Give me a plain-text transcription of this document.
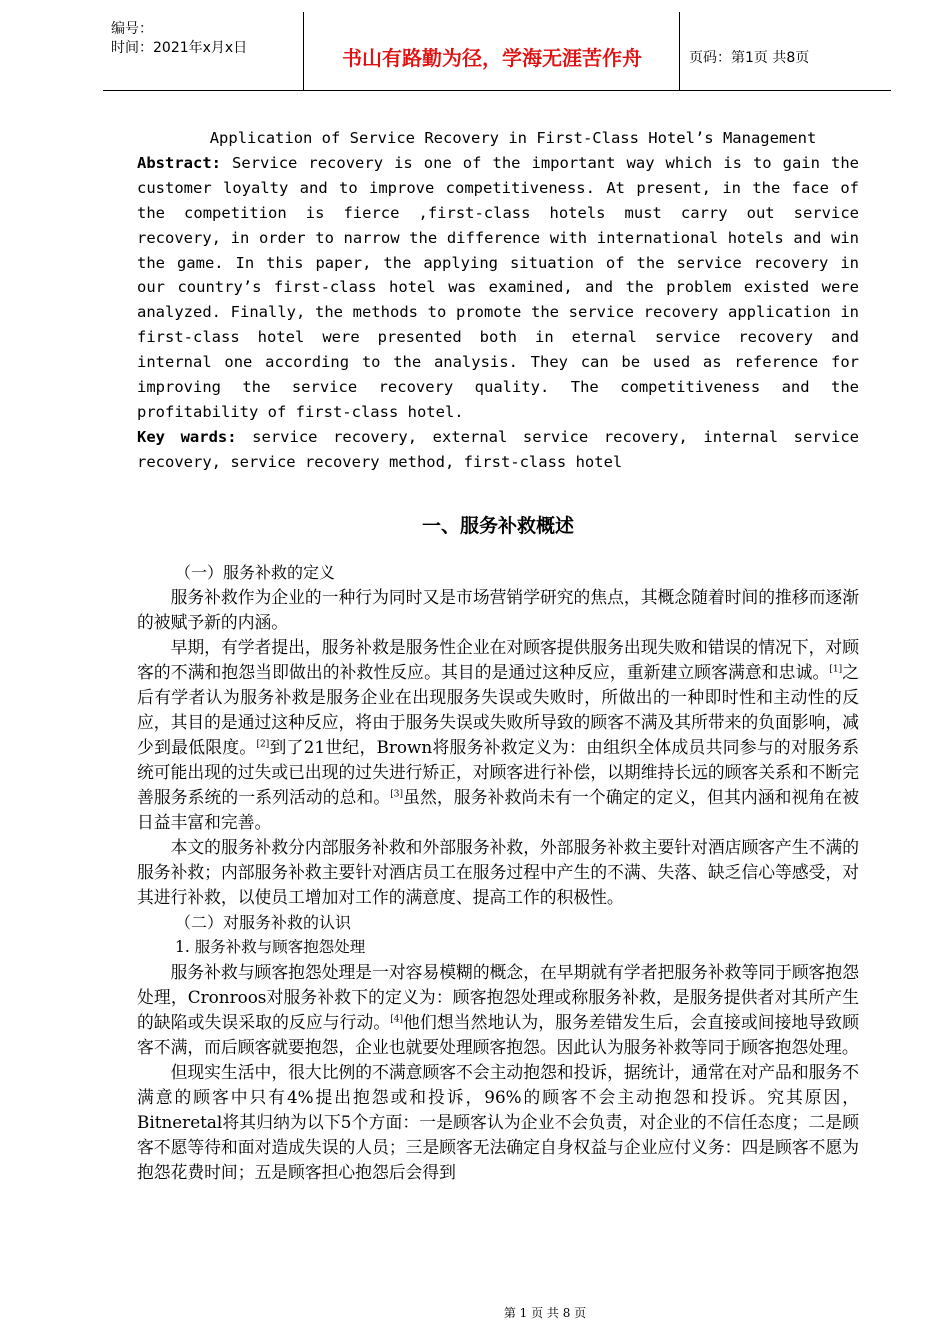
编号：
时间：2021年x月x日	书山有路勤为径，学海无涯苦作舟	页码：第1页 共8页
Application of Service Recovery in First-Class Hotel’s Management
Abstract: Service recovery is one of the important way which is to gain the customer loyalty and to improve competitiveness. At present, in the face of the competition is fierce ,first-class hotels must carry out service recovery, in order to narrow the difference with international hotels and win the game. In this paper, the applying situation of the service recovery in our country’s first-class hotel was examined, and the problem existed were analyzed. Finally, the methods to promote the service recovery application in first-class hotel were presented both in eternal service recovery and internal one according to the analysis. They can be used as reference for improving the service recovery quality. The competitiveness and the profitability of first-class hotel.
Key wards: service recovery, external service recovery, internal service recovery, service recovery method, first-class hotel
一、服务补救概述
（一）服务补救的定义

服务补救作为企业的一种行为同时又是市场营销学研究的焦点，其概念随着时间的推移而逐渐的被赋予新的内涵。

早期，有学者提出，服务补救是服务性企业在对顾客提供服务出现失败和错误的情况下，对顾客的不满和抱怨当即做出的补救性反应。其目的是通过这种反应，重新建立顾客满意和忠诚。[1]之后有学者认为服务补救是服务企业在出现服务失误或失败时，所做出的一种即时性和主动性的反应，其目的是通过这种反应，将由于服务失误或失败所导致的顾客不满及其所带来的负面影响，减少到最低限度。[2]到了21世纪，Brown将服务补救定义为：由组织全体成员共同参与的对服务系统可能出现的过失或已出现的过失进行矫正，对顾客进行补偿，以期维持长远的顾客关系和不断完善服务系统的一系列活动的总和。[3]虽然，服务补救尚未有一个确定的定义，但其内涵和视角在被日益丰富和完善。

本文的服务补救分内部服务补救和外部服务补救，外部服务补救主要针对酒店顾客产生不满的服务补救；内部服务补救主要针对酒店员工在服务过程中产生的不满、失落、缺乏信心等感受，对其进行补救，以使员工增加对工作的满意度、提高工作的积极性。

（二）对服务补救的认识
1. 服务补救与顾客抱怨处理

服务补救与顾客抱怨处理是一对容易模糊的概念，在早期就有学者把服务补救等同于顾客抱怨处理，Cronroos对服务补救下的定义为：顾客抱怨处理或称服务补救，是服务提供者对其所产生的缺陷或失误采取的反应与行动。[4]他们想当然地认为，服务差错发生后，会直接或间接地导致顾客不满，而后顾客就要抱怨，企业也就要处理顾客抱怨。因此认为服务补救等同于顾客抱怨处理。

但现实生活中，很大比例的不满意顾客不会主动抱怨和投诉，据统计，通常在对产品和服务不满意的顾客中只有4%提出抱怨或和投诉，96%的顾客不会主动抱怨和投诉。究其原因，Bitneretal将其归纳为以下5个方面：一是顾客认为企业不会负责，对企业的不信任态度；二是顾客不愿等待和面对造成失误的人员；三是顾客无法确定自身权益与企业应付义务：四是顾客不愿为抱怨花费时间；五是顾客担心抱怨后会得到

第 1 页 共 8 页
